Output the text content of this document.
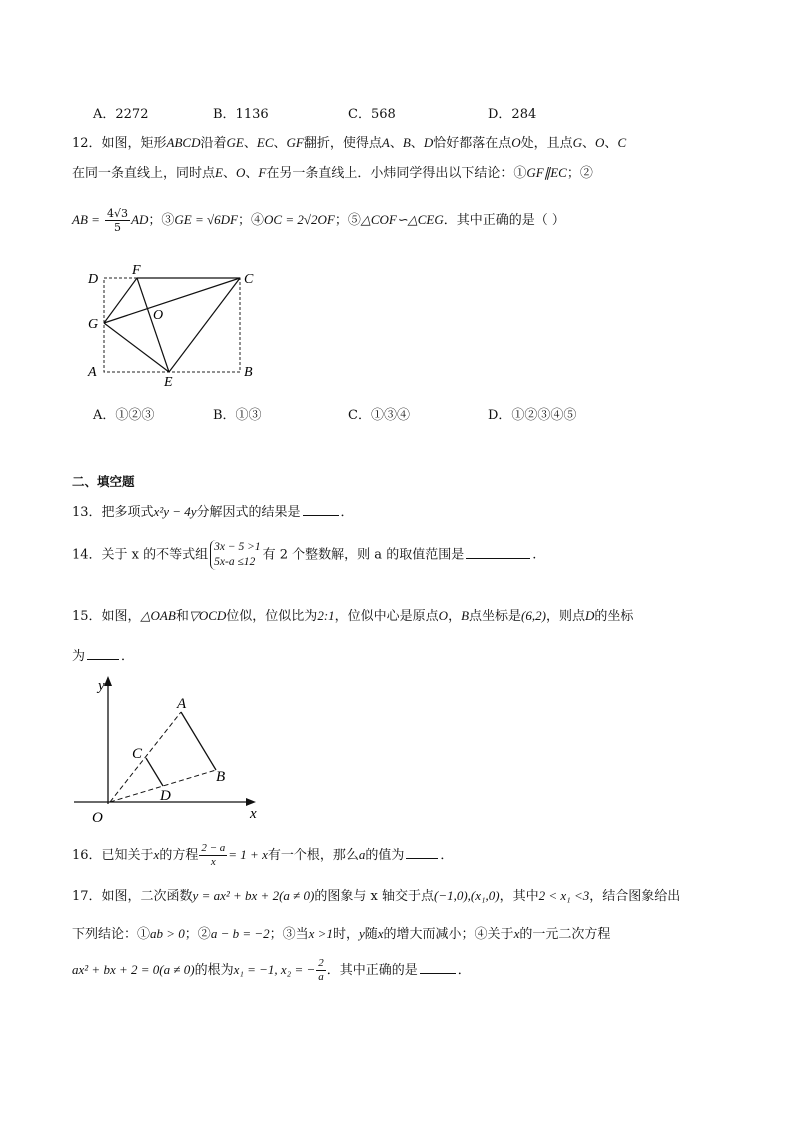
A．2272	B．1136	C．568	D．284
12．如图，矩形ABCD沿着GE、EC、GF翻折，使得点A、B、D恰好都落在点O处，且点G、O、C
在同一条直线上，同时点E、O、F在另一条直线上．小炜同学得出以下结论：①GF∥EC；②
AB = $\frac{4√3}{5}$ AD；③GE = √6DF；④OC = 2√2OF；⑤△COF∽△CEG．其中正确的是（ ）
D
F
C
O
G
A
E
B
A．①②③	B．①③	C．①③④	D．①②③④⑤
二、填空题
13．把多项式x²y − 4y分解因式的结果是	．
14．关于 x 的不等式组
3x − 5 >1
5x-a ≤12 有 2 个整数解，则 a 的取值范围是	.
15．如图，△OAB和▽OCD位似，位似比为2:1，位似中心是原点O，B点坐标是(6,2)，则点D的坐标
为	．
y
x
O
A
B
C
D
16．已知关于x的方程 $\frac{2 - a}{x} = 1 + x$有一个根，那么a的值为	．
17．如图，二次函数y = ax² + bx + 2(a ≠ 0)的图象与 x 轴交于点(−1,0),(x₁,0)，其中2 < x₁ <3，结合图象给出
下列结论：①ab > 0；②a − b = −2；③当x >1时，y随x的增大而减小；④关于x的一元二次方程
ax² + bx + 2 = 0(a ≠ 0)的根为x₁ = −1, x₂ = − $\frac{2}{a}$ ．其中正确的是	．
